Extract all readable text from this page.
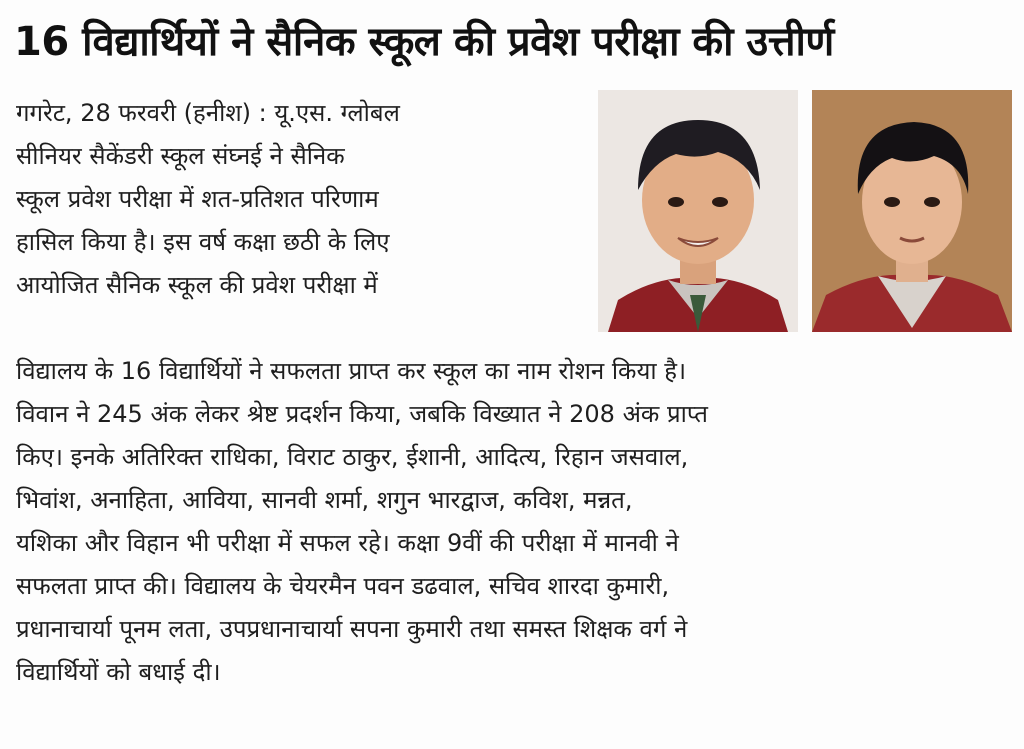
16 विद्यार्थियों ने सैनिक स्कूल की प्रवेश परीक्षा की उत्तीर्ण
गगरेट, 28 फरवरी (हनीश) : यू.एस. ग्लोबल
सीनियर सैकेंडरी स्कूल संघ्नई ने सैनिक
स्कूल प्रवेश परीक्षा में शत-प्रतिशत परिणाम
हासिल किया है। इस वर्ष कक्षा छठी के लिए
आयोजित सैनिक स्कूल की प्रवेश परीक्षा में
विद्यालय के 16 विद्यार्थियों ने सफलता प्राप्त कर स्कूल का नाम रोशन किया है।
विवान ने 245 अंक लेकर श्रेष्ट प्रदर्शन किया, जबकि विख्यात ने 208 अंक प्राप्त
किए। इनके अतिरिक्त राधिका, विराट ठाकुर, ईशानी, आदित्य, रिहान जसवाल,
भिवांश, अनाहिता, आविया, सानवी शर्मा, शगुन भारद्वाज, कविश, मन्नत,
यशिका और विहान भी परीक्षा में सफल रहे। कक्षा 9वीं की परीक्षा में मानवी ने
सफलता प्राप्त की। विद्यालय के चेयरमैन पवन डढवाल, सचिव शारदा कुमारी,
प्रधानाचार्या पूनम लता, उपप्रधानाचार्या सपना कुमारी तथा समस्त शिक्षक वर्ग ने
विद्यार्थियों को बधाई दी।
